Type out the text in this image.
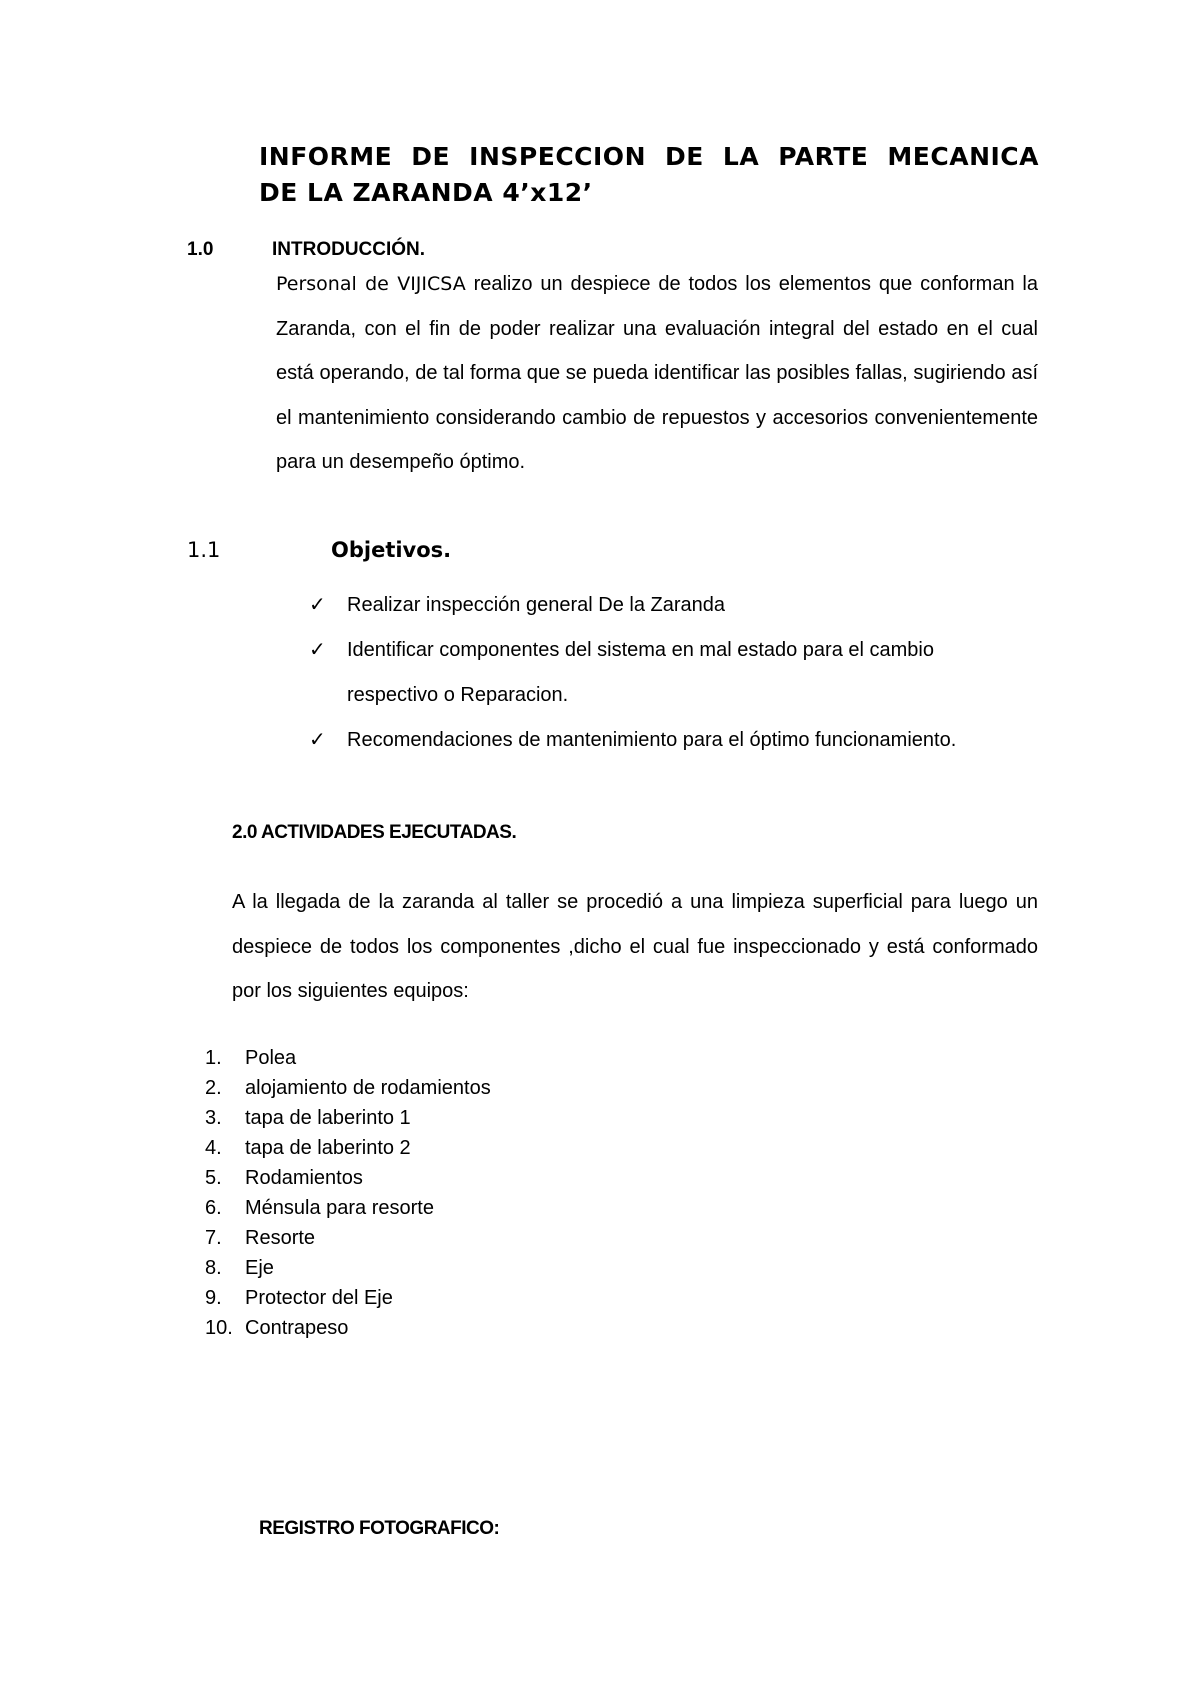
INFORME DE INSPECCION DE LA PARTE MECANICA
DE LA ZARANDA 4’x12’
1.0	INTRODUCCIÓN.
Personal de VIJICSA realizo un despiece de todos los elementos que conforman la Zaranda, con el fin de poder realizar una evaluación integral del estado en el cual está operando, de tal forma que se pueda identificar las posibles fallas, sugiriendo así el mantenimiento considerando cambio de repuestos y accesorios convenientemente para un desempeño óptimo.
1.1	Objetivos.
✓ Realizar inspección general De la Zaranda
✓ Identificar componentes del sistema en mal estado para el cambio respectivo o Reparacion.
✓ Recomendaciones de mantenimiento para el óptimo funcionamiento.
2.0 ACTIVIDADES EJECUTADAS.
A la llegada de la zaranda al taller se procedió a una limpieza superficial para luego un despiece de todos los componentes ,dicho el cual fue inspeccionado y está conformado por los siguientes equipos:
1.	Polea
2.	alojamiento de rodamientos
3.	tapa de laberinto 1
4.	tapa de laberinto 2
5.	Rodamientos
6.	Ménsula para resorte
7.	Resorte
8.	Eje
9.	Protector del Eje
10. Contrapeso
REGISTRO FOTOGRAFICO:
